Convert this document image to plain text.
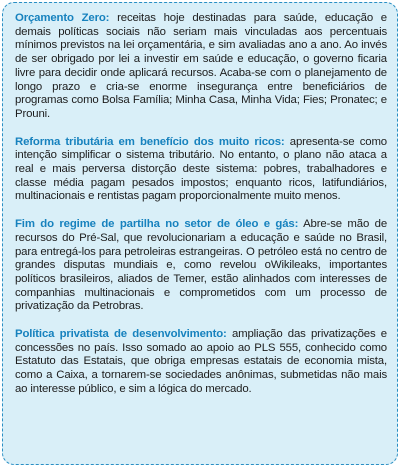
Orçamento Zero: receitas hoje destinadas para saúde, educação e demais políticas sociais não seriam mais vinculadas aos percentuais mínimos previstos na lei orçamentária, e sim avaliadas ano a ano. Ao invés de ser obrigado por lei a investir em saúde e educação, o governo ficaria livre para decidir onde aplicará recursos. Acaba-se com o planejamento de longo prazo e cria-se enorme insegurança entre beneficiários de programas como Bolsa Família; Minha Casa, Minha Vida; Fies; Pronatec; e Prouni.

Reforma tributária em benefício dos muito ricos: apresenta-se como intenção simplificar o sistema tributário. No entanto, o plano não ataca a real e mais perversa distorção deste sistema: pobres, trabalhadores e classe média pagam pesados impostos; enquanto ricos, latifundiários, multinacionais e rentistas pagam proporcionalmente muito menos.

Fim do regime de partilha no setor de óleo e gás: Abre-se mão de recursos do Pré-Sal, que revolucionariam a educação e saúde no Brasil, para entregá-los para petroleiras estrangeiras. O petróleo está no centro de grandes disputas mundiais e, como revelou oWikileaks, importantes políticos brasileiros, aliados de Temer, estão alinhados com interesses de companhias multinacionais e comprometidos com um processo de privatização da Petrobras.

Política privatista de desenvolvimento: ampliação das privatizações e concessões no país. Isso somado ao apoio ao PLS 555, conhecido como Estatuto das Estatais, que obriga empresas estatais de economia mista, como a Caixa, a tornarem-se sociedades anônimas, submetidas não mais ao interesse público, e sim a lógica do mercado.
